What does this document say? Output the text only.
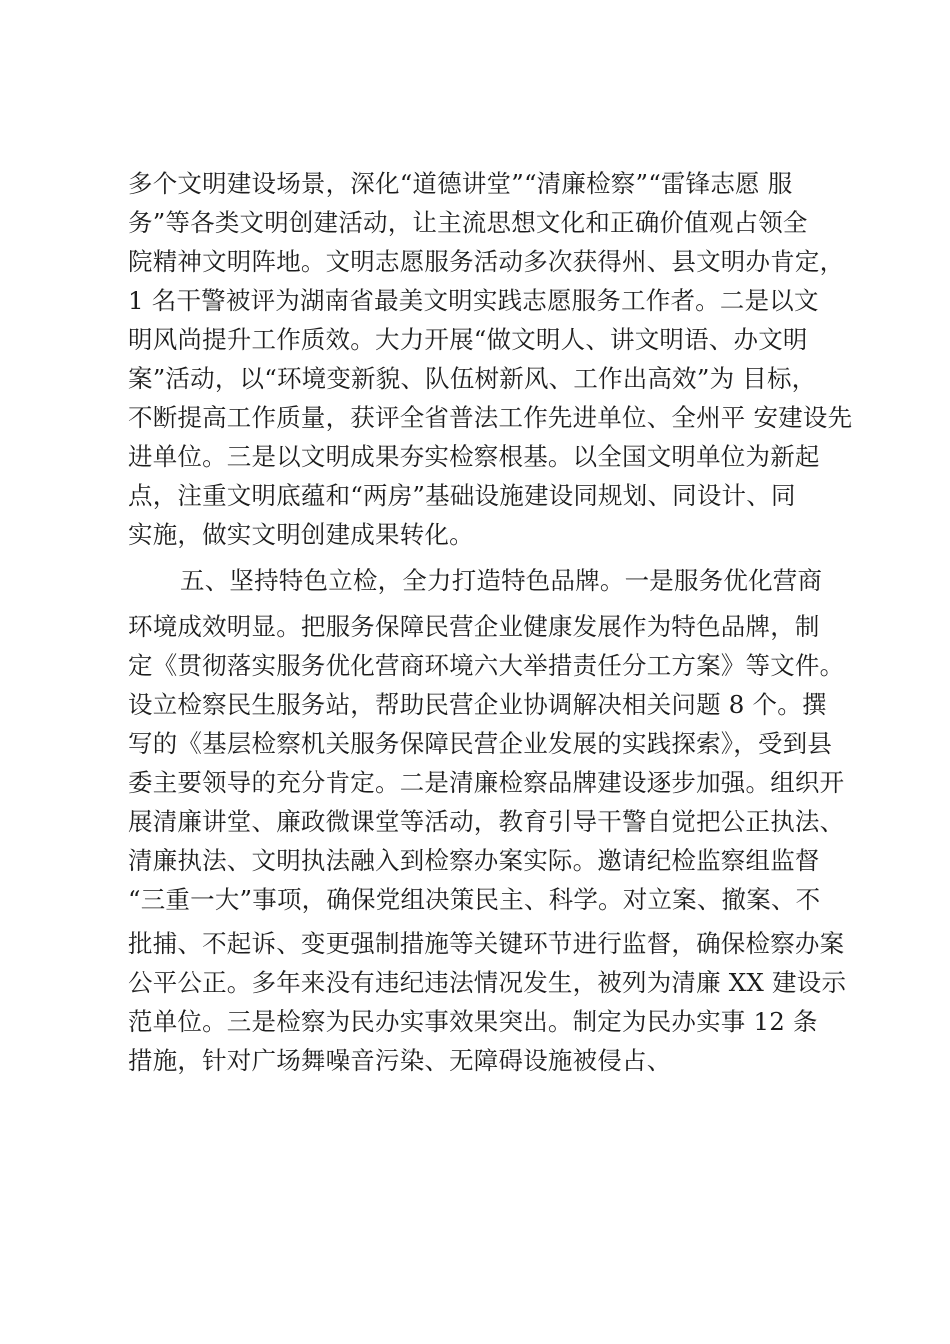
多个文明建设场景，深化“道德讲堂”“清廉检察”“雷锋志愿 服
务”等各类文明创建活动，让主流思想文化和正确价值观占领全
院精神文明阵地。文明志愿服务活动多次获得州、县文明办肯定，
1 名干警被评为湖南省最美文明实践志愿服务工作者。二是以文
明风尚提升工作质效。大力开展“做文明人、讲文明语、办文明
案”活动，以“环境变新貌、队伍树新风、工作出高效”为 目标，
不断提高工作质量，获评全省普法工作先进单位、全州平 安建设先
进单位。三是以文明成果夯实检察根基。以全国文明单位为新起
点，注重文明底蕴和“两房”基础设施建设同规划、同设计、同
实施，做实文明创建成果转化。
五、坚持特色立检，全力打造特色品牌。一是服务优化营商
环境成效明显。把服务保障民营企业健康发展作为特色品牌，制
定《贯彻落实服务优化营商环境六大举措责任分工方案》等文件。
设立检察民生服务站，帮助民营企业协调解决相关问题 8 个。撰
写的《基层检察机关服务保障民营企业发展的实践探索》，受到县
委主要领导的充分肯定。二是清廉检察品牌建设逐步加强。组织开
展清廉讲堂、廉政微课堂等活动，教育引导干警自觉把公正执法、
清廉执法、文明执法融入到检察办案实际。邀请纪检监察组监督
“三重一大”事项，确保党组决策民主、科学。对立案、撤案、不
批捕、不起诉、变更强制措施等关键环节进行监督，确保检察办案
公平公正。多年来没有违纪违法情况发生，被列为清廉 XX 建设示
范单位。三是检察为民办实事效果突出。制定为民办实事 12 条
措施，针对广场舞噪音污染、无障碍设施被侵占、
